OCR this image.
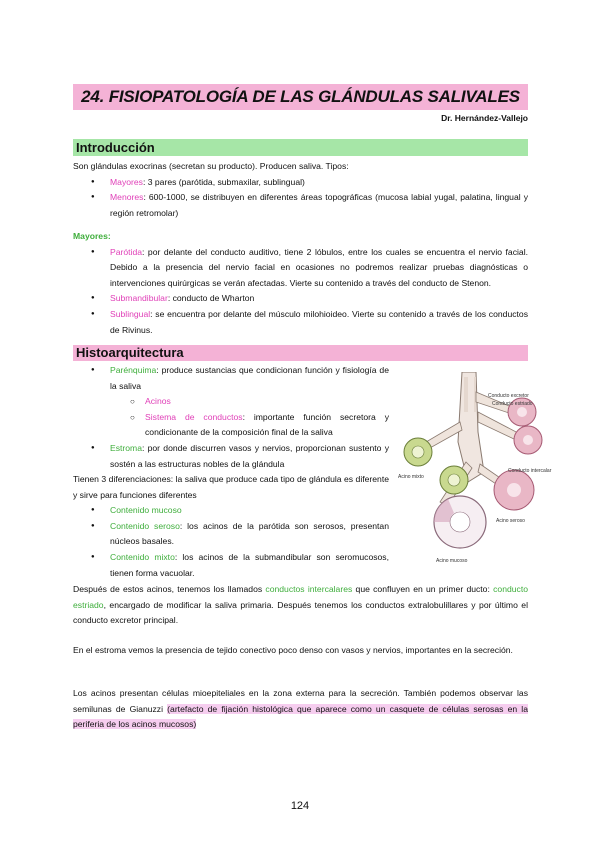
24. FISIOPATOLOGÍA DE LAS GLÁNDULAS SALIVALES
Dr. Hernández-Vallejo
Introducción
Son glándulas exocrinas (secretan su producto). Producen saliva. Tipos:
● Mayores: 3 pares (parótida, submaxilar, sublingual)
● Menores: 600-1000, se distribuyen en diferentes áreas topográficas (mucosa labial yugal, palatina, lingual y región retromolar)
Mayores:
● Parótida: por delante del conducto auditivo, tiene 2 lóbulos, entre los cuales se encuentra el nervio facial. Debido a la presencia del nervio facial en ocasiones no podremos realizar pruebas diagnósticas o intervenciones quirúrgicas se verán afectadas. Vierte su contenido a través del conducto de Stenon.
● Submandibular: conducto de Wharton
● Sublingual: se encuentra por delante del músculo milohioideo. Vierte su contenido a través de los conductos de Rivinus.
Histoarquitectura
● Parénquima: produce sustancias que condicionan función y fisiología de la saliva
○ Acinos
○ Sistema de conductos: importante función secretora y condicionante de la composición final de la saliva
● Estroma: por donde discurren vasos y nervios, proporcionan sustento y sostén a las estructuras nobles de la glándula
Tienen 3 diferenciaciones: la saliva que produce cada tipo de glándula es diferente y sirve para funciones diferentes
● Contenido mucoso
● Contenido seroso: los acinos de la parótida son serosos, presentan núcleos basales.
● Contenido mixto: los acinos de la submandibular son seromucosos, tienen forma vacuolar.
Conducto excretor
Conducto estriado
Conducto intercalar
Acino mixto
Acino seroso
Acino mucoso
Después de estos acinos, tenemos los llamados conductos intercalares que confluyen en un primer ducto: conducto estriado, encargado de modificar la saliva primaria. Después tenemos los conductos extralobulillares y por último el conducto excretor principal.
En el estroma vemos la presencia de tejido conectivo poco denso con vasos y nervios, importantes en la secreción.
Los acinos presentan células mioepiteliales en la zona externa para la secreción. También podemos observar las semilunas de Gianuzzi (artefacto de fijación histológica que aparece como un casquete de células serosas en la periferia de los acinos mucosos)
124
